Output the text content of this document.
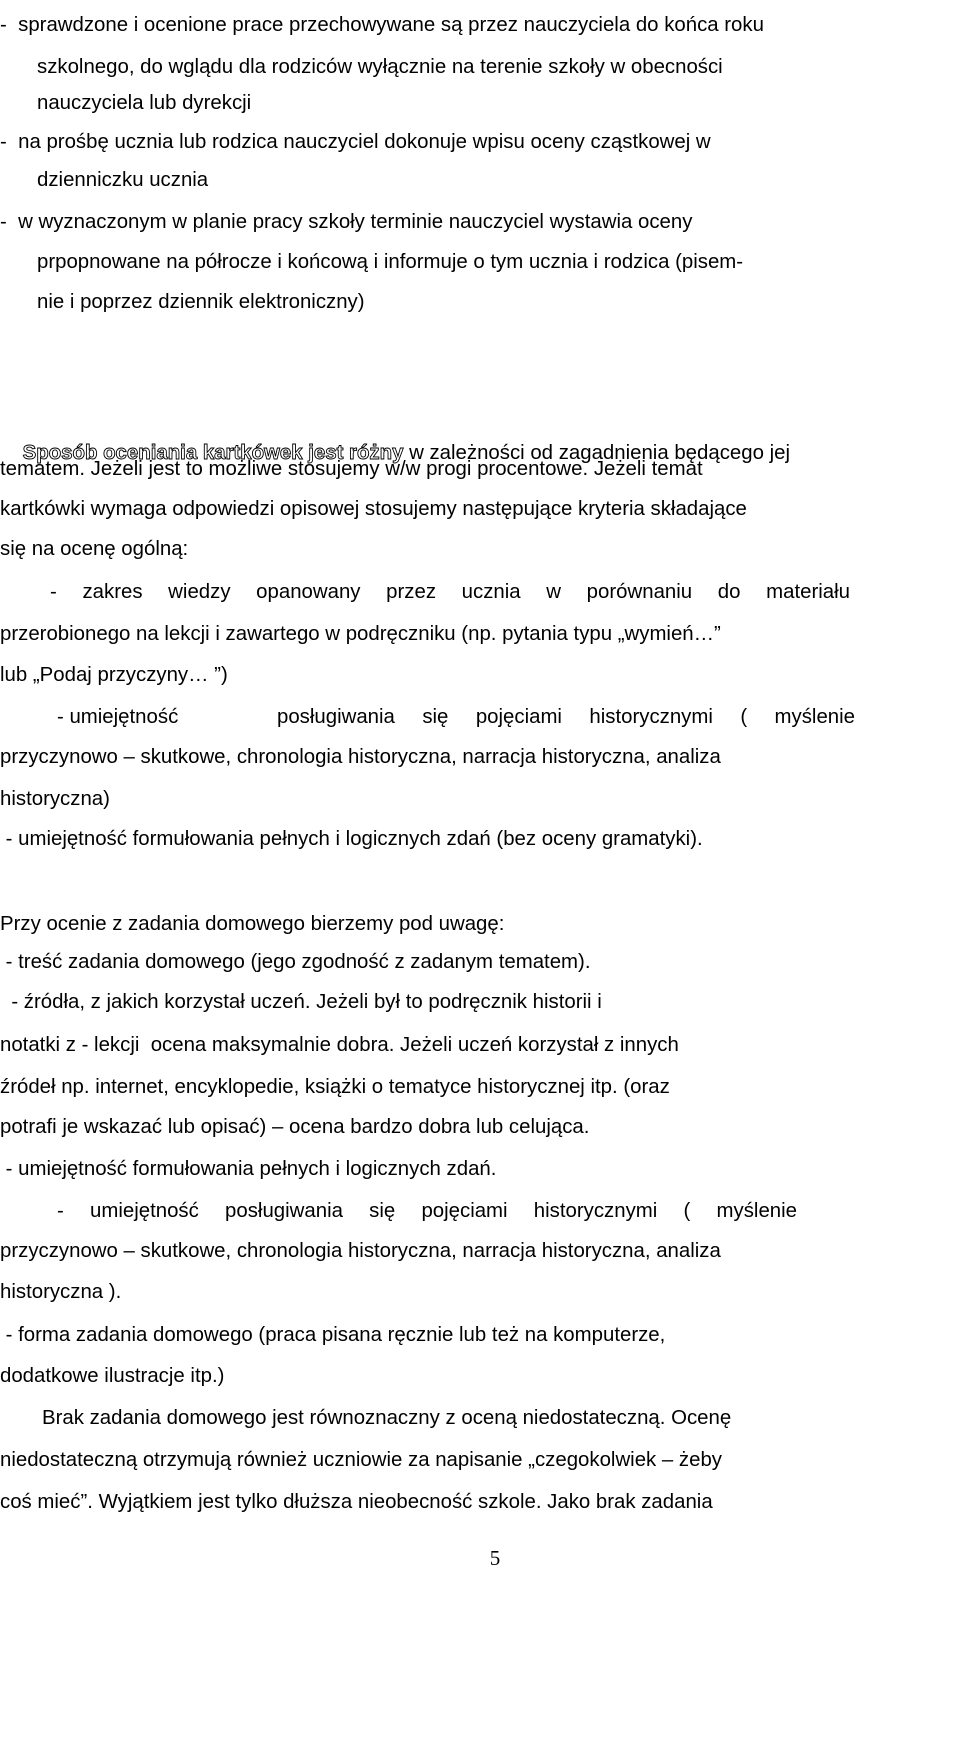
-  sprawdzone i ocenione prace przechowywane są przez nauczyciela do końca roku
szkolnego, do wglądu dla rodziców wyłącznie na terenie szkoły w obecności
nauczyciela lub dyrekcji
-  na prośbę ucznia lub rodzica nauczyciel dokonuje wpisu oceny cząstkowej w
dzienniczku ucznia
-  w wyznaczonym w planie pracy szkoły terminie nauczyciel wystawia oceny
prpopnowane na półrocze i końcową i informuje o tym ucznia i rodzica (pisem-
nie i poprzez dziennik elektroniczny)

Sposób oceniania kartkówek jest różny w zależności od zagadnienia będącego jej

tematem. Jeżeli jest to możliwe stosujemy w/w progi procentowe. Jeżeli temat
kartkówki wymaga odpowiedzi opisowej stosujemy następujące kryteria składające
się na ocenę ogólną:
- zakres wiedzy opanowany przez ucznia w porównaniu do materiału
przerobionego na lekcji i zawartego w podręczniku (np. pytania typu „wymień…”
lub „Podaj przyczyny… ”)
- umiejętność	posługiwania się pojęciami historycznymi ( myślenie
przyczynowo – skutkowe, chronologia historyczna, narracja historyczna, analiza
historyczna)
- umiejętność formułowania pełnych i logicznych zdań (bez oceny gramatyki).
Przy ocenie z zadania domowego bierzemy pod uwagę:
- treść zadania domowego (jego zgodność z zadanym tematem).
- źródła, z jakich korzystał uczeń. Jeżeli był to podręcznik historii i
notatki z - lekcji  ocena maksymalnie dobra. Jeżeli uczeń korzystał z innych
źródeł np. internet, encyklopedie, książki o tematyce historycznej itp. (oraz
potrafi je wskazać lub opisać) – ocena bardzo dobra lub celująca.
- umiejętność formułowania pełnych i logicznych zdań.
- umiejętność posługiwania się pojęciami historycznymi ( myślenie
przyczynowo – skutkowe, chronologia historyczna, narracja historyczna, analiza
historyczna ).
- forma zadania domowego (praca pisana ręcznie lub też na komputerze,
dodatkowe ilustracje itp.)
Brak zadania domowego jest równoznaczny z oceną niedostateczną. Ocenę
niedostateczną otrzymują również uczniowie za napisanie „czegokolwiek – żeby
coś mieć”. Wyjątkiem jest tylko dłuższa nieobecność szkole. Jako brak zadania
5
